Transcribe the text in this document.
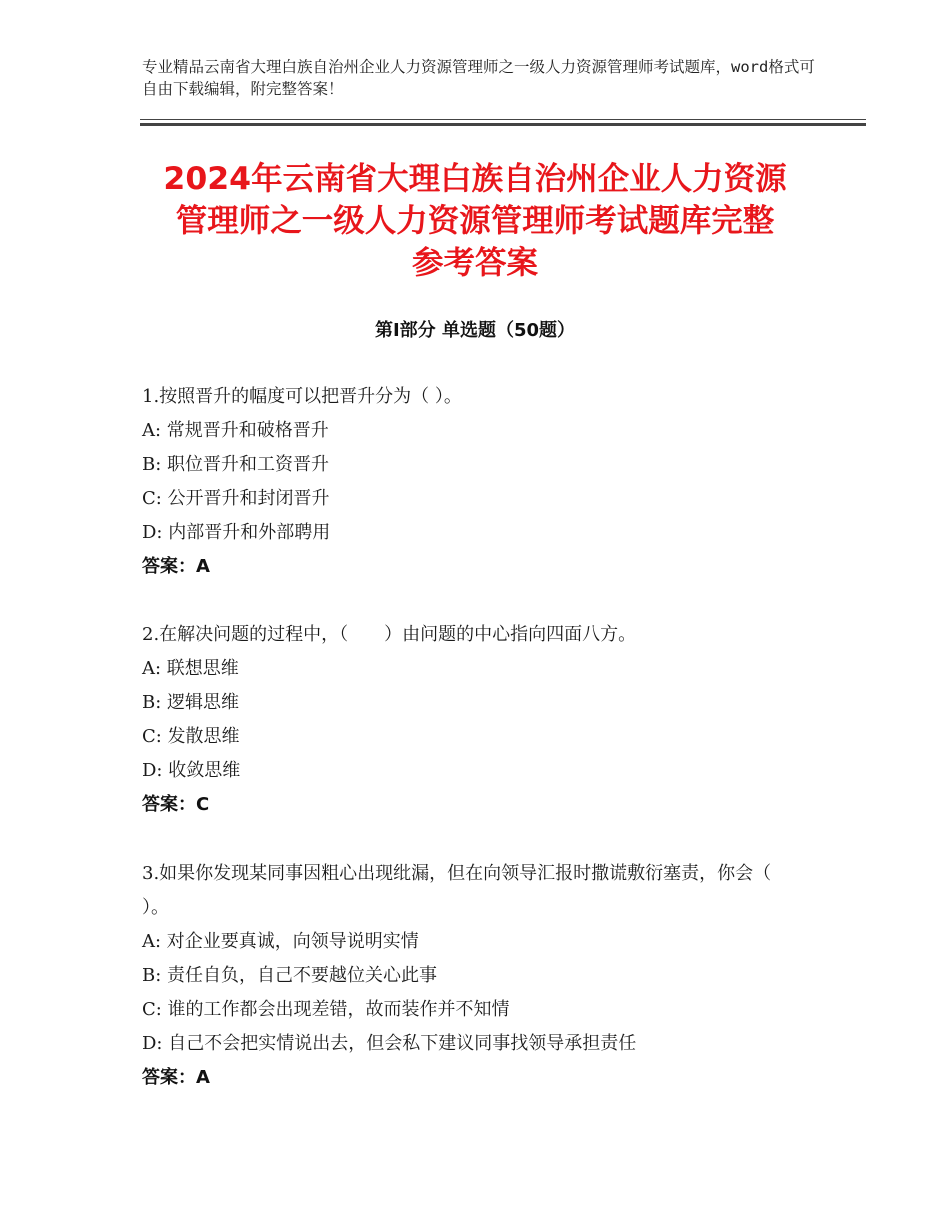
专业精品云南省大理白族自治州企业人力资源管理师之一级人力资源管理师考试题库，word格式可自由下载编辑，附完整答案！
2024年云南省大理白族自治州企业人力资源
管理师之一级人力资源管理师考试题库完整
参考答案
第Ⅰ部分 单选题（50题）
1.按照晋升的幅度可以把晋升分为（ ）。
A: 常规晋升和破格晋升
B: 职位晋升和工资晋升
C: 公开晋升和封闭晋升
D: 内部晋升和外部聘用
答案：A
2.在解决问题的过程中，（　　）由问题的中心指向四面八方。
A: 联想思维
B: 逻辑思维
C: 发散思维
D: 收敛思维
答案：C
3.如果你发现某同事因粗心出现纰漏，但在向领导汇报时撒谎敷衍塞责，你会（ ）。
A: 对企业要真诚，向领导说明实情
B: 责任自负，自己不要越位关心此事
C: 谁的工作都会出现差错，故而装作并不知情
D: 自己不会把实情说出去，但会私下建议同事找领导承担责任
答案：A
